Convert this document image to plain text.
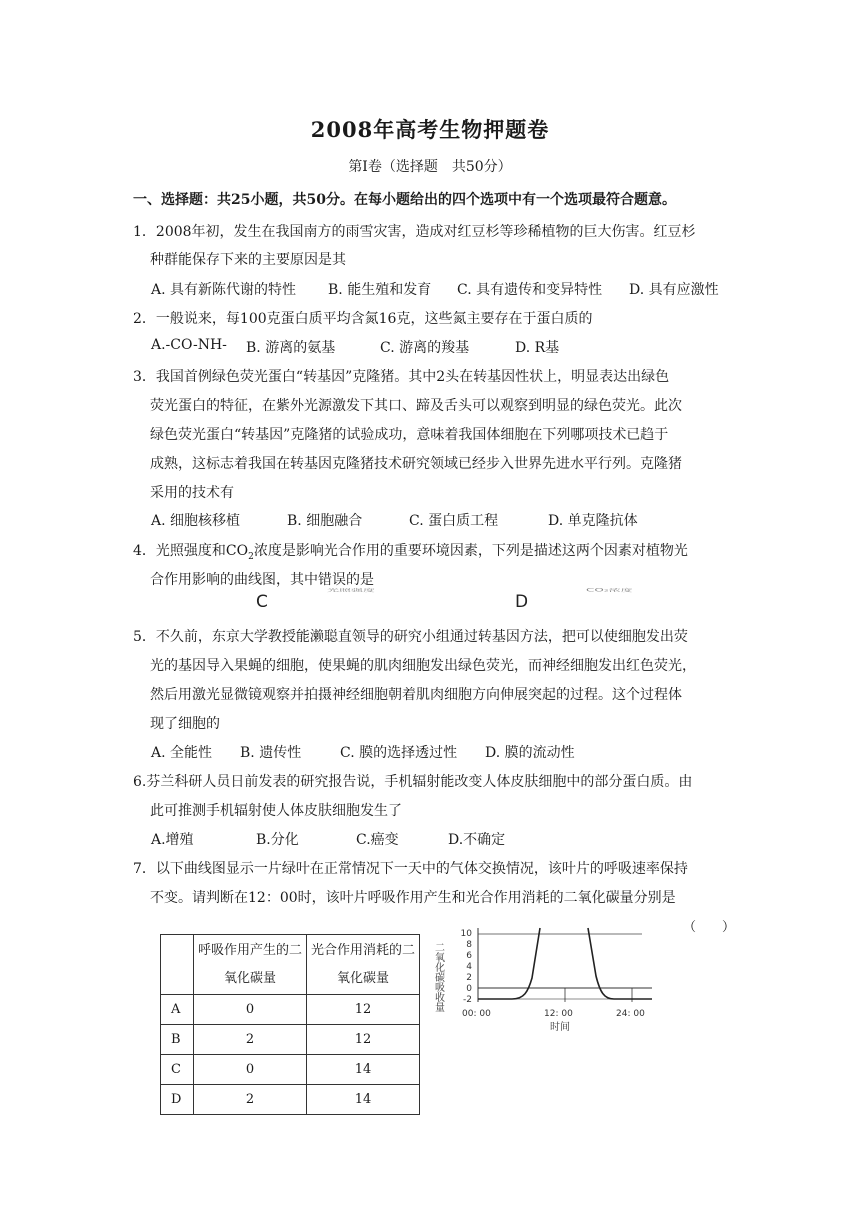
2008年高考生物押题卷
第Ⅰ卷（选择题　共50分）
一、选择题：共25小题，共50分。在每小题给出的四个选项中有一个选项最符合题意。
1．2008年初，发生在我国南方的雨雪灾害，造成对红豆杉等珍稀植物的巨大伤害。红豆杉
种群能保存下来的主要原因是其
A. 具有新陈代谢的特性 B. 能生殖和发育 C. 具有遗传和变异特性 D. 具有应激性
2．一般说来，每100克蛋白质平均含氮16克，这些氮主要存在于蛋白质的
A.-CO-NH- B. 游离的氨基	C. 游离的羧基	D. R基
3．我国首例绿色荧光蛋白“转基因”克隆猪。其中2头在转基因性状上，明显表达出绿色
荧光蛋白的特征，在紫外光源激发下其口、蹄及舌头可以观察到明显的绿色荧光。此次
绿色荧光蛋白“转基因”克隆猪的试验成功，意味着我国体细胞在下列哪项技术已趋于
成熟，这标志着我国在转基因克隆猪技术研究领域已经步入世界先进水平行列。克隆猪
采用的技术有
A. 细胞核移植	B. 细胞融合	C. 蛋白质工程	D. 单克隆抗体
4．光照强度和$CO_2$浓度是影响光合作用的重要环境因素，下列是描述这两个因素对植物光
合作用影响的曲线图，其中错误的是
光照强度
C
CO₂浓度
D
5．不久前，东京大学教授能濑聪直领导的研究小组通过转基因方法，把可以使细胞发出荧
光的基因导入果蝇的细胞，使果蝇的肌肉细胞发出绿色荧光，而神经细胞发出红色荧光，
然后用激光显微镜观察并拍摄神经细胞朝着肌肉细胞方向伸展突起的过程。这个过程体
现了细胞的
A. 全能性 B. 遗传性	C. 膜的选择透过性 D. 膜的流动性
6.芬兰科研人员日前发表的研究报告说，手机辐射能改变人体皮肤细胞中的部分蛋白质。由
此可推测手机辐射使人体皮肤细胞发生了
A.增殖	B.分化	C.癌变	D.不确定
7．以下曲线图显示一片绿叶在正常情况下一天中的气体交换情况，该叶片的呼吸速率保持
不变。请判断在12：00时，该叶片呼吸作用产生和光合作用消耗的二氧化碳量分别是
（　　）
	呼吸作用产生的二氧化碳量	光合作用消耗的二氧化碳量
A	0	12
B	2	12
C	0	14
D	2	14
二氧化碳吸收量
10
8
6
4
2
0
-2
00: 00	12: 00	24: 00
时间
